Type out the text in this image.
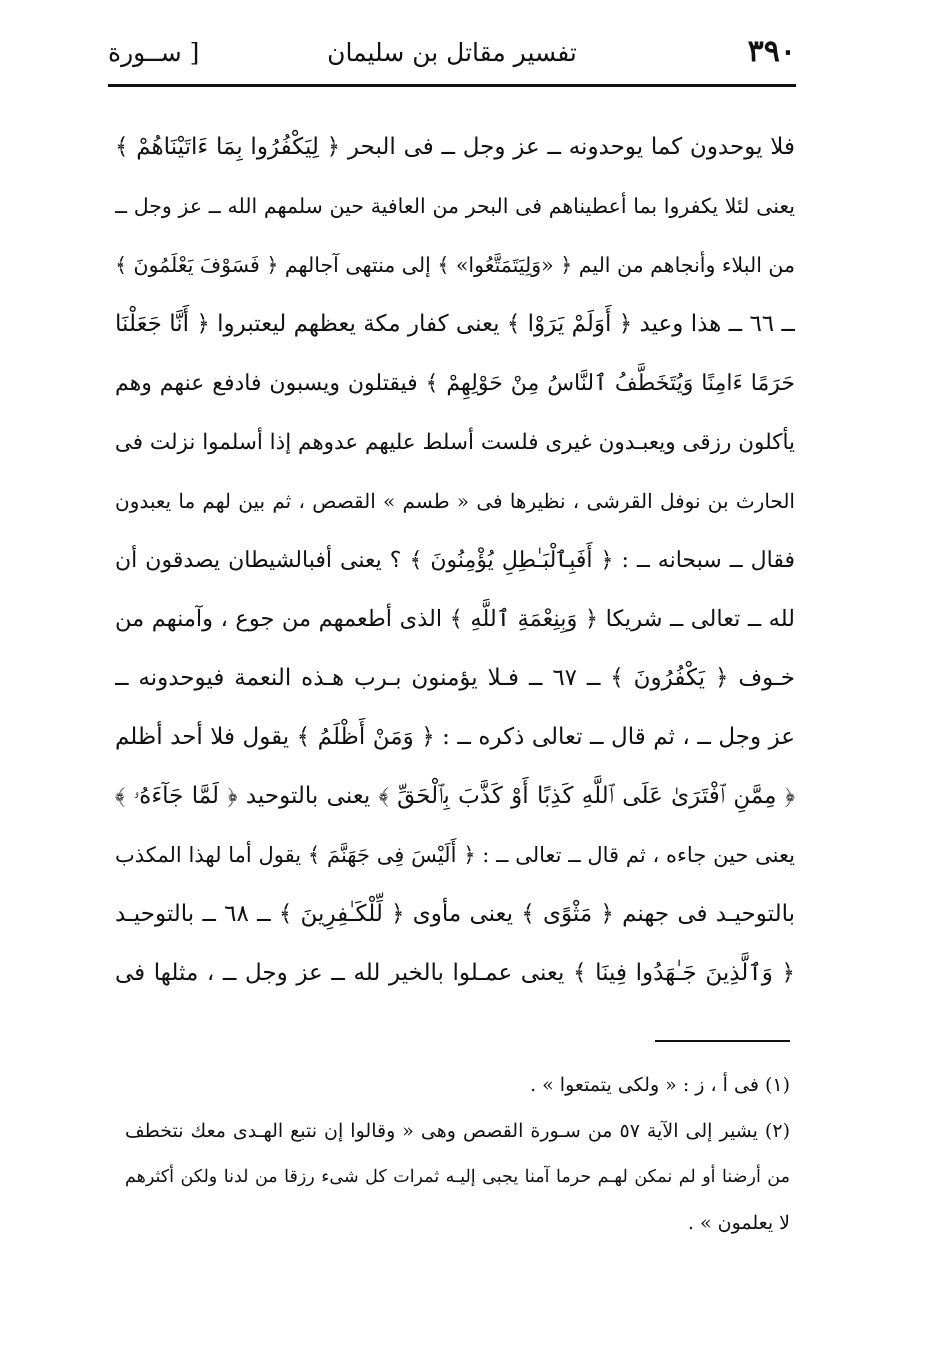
٣٩٠
تفسير مقاتل بن سليمان
[ ســورة
فلا يوحدون كما يوحدونه ــ عز وجل ــ فى البحر ﴿ لِيَكْفُرُوا بِمَا ءَاتَيْنَاهُمْ ﴾
يعنى لئلا يكفروا بما أعطيناهم فى البحر من العافية حين سلمهم الله ــ عز وجل ــ
من البلاء وأنجاهم من اليم ﴿ «وَلِيَتَمَتَّعُوا» ﴾ إلى منتهى آجالهم ﴿ فَسَوْفَ يَعْلَمُونَ ﴾
ــ ٦٦ ــ هذا وعيد ﴿ أَوَلَمْ يَرَوْا ﴾ يعنى كفار مكة يعظهم ليعتبروا ﴿ أَنَّا جَعَلْنَا
حَرَمًا ءَامِنًا وَيُتَخَطَّفُ ٱلنَّاسُ مِنْ حَوْلِهِمْ ﴾ فيقتلون ويسبون فادفع عنهم وهم
يأكلون رزقى ويعبـدون غيرى فلست أسلط عليهم عدوهم إذا أسلموا نزلت فى
الحارث بن نوفل القرشى ، نظيرها فى « طسم » القصص ، ثم بين لهم ما يعبدون
فقال ــ سبحانه ــ : ﴿ أَفَبِٱلْبَـٰطِلِ يُؤْمِنُونَ ﴾ ؟ يعنى أفبالشيطان يصدقون أن
لله ــ تعالى ــ شريكا ﴿ وَبِنِعْمَةِ ٱللَّهِ ﴾ الذى أطعمهم من جوع ، وآمنهم من
خـوف ﴿ يَكْفُرُونَ ﴾ ــ ٦٧ ــ فـلا يؤمنون بـرب هـذه النعمة فيوحدونه ــ
عز وجل ــ ، ثم قال ــ تعالى ذكره ــ : ﴿ وَمَنْ أَظْلَمُ ﴾ يقول فلا أحد أظلم
﴿ مِمَّنِ ٱفْتَرَىٰ عَلَى ٱللَّهِ كَذِبًا أَوْ كَذَّبَ بِٱلْحَقِّ ﴾ يعنى بالتوحيد ﴿ لَمَّا جَآءَهُۥ ﴾
يعنى حين جاءه ، ثم قال ــ تعالى ــ : ﴿ أَلَيْسَ فِى جَهَنَّمَ ﴾ يقول أما لهذا المكذب
بالتوحيـد فى جهنم ﴿ مَثْوًى ﴾ يعنى مأوى ﴿ لِّلْكَـٰفِرِينَ ﴾ ــ ٦٨ ــ بالتوحيـد
﴿ وَٱلَّذِينَ جَـٰهَدُوا فِينَا ﴾ يعنى عمـلوا بالخير لله ــ عز وجل ــ ، مثلها فى
(١) فى أ ، ز : « ولكى يتمتعوا » .
(٢) يشير إلى الآية ٥٧ من سـورة القصص وهى « وقالوا إن نتبع الهـدى معك نتخطف
من أرضنا أو لم نمكن لهـم حرما آمنا يجبى إليـه ثمرات كل شىء رزقا من لدنا ولكن أكثرهم
لا يعلمون » .
